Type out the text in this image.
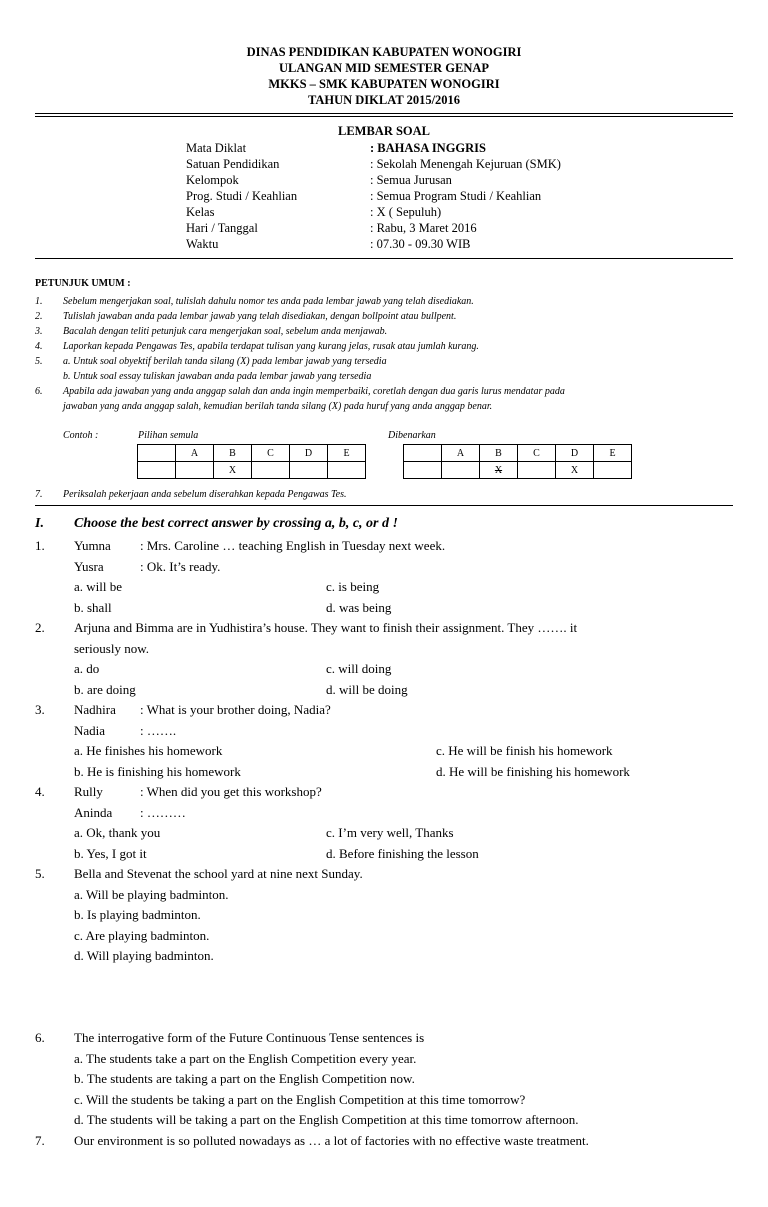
DINAS PENDIDIKAN KABUPATEN WONOGIRI
ULANGAN MID SEMESTER GENAP
MKKS – SMK KABUPATEN WONOGIRI
TAHUN DIKLAT 2015/2016
LEMBAR SOAL
Mata Diklat	: BAHASA INGGRIS
Satuan Pendidikan	: Sekolah Menengah Kejuruan (SMK)
Kelompok	: Semua Jurusan
Prog. Studi / Keahlian	: Semua Program Studi / Keahlian
Kelas	: X ( Sepuluh)
Hari / Tanggal	: Rabu, 3 Maret 2016
Waktu	: 07.30 - 09.30 WIB
PETUNJUK UMUM :
1. Sebelum mengerjakan soal, tulislah dahulu nomor tes anda pada lembar jawab yang telah disediakan.
2. Tulislah jawaban anda pada lembar jawab yang telah disediakan, dengan bollpoint atau bullpent.
3. Bacalah dengan teliti petunjuk cara mengerjakan soal, sebelum anda menjawab.
4. Laporkan kepada Pengawas Tes, apabila terdapat tulisan yang kurang jelas, rusak atau jumlah kurang.
5. a. Untuk soal obyektif berilah tanda silang (X) pada lembar jawab yang tersedia
b. Untuk soal essay tuliskan jawaban anda pada lembar jawab yang tersedia
6. Apabila ada jawaban yang anda anggap salah dan anda ingin memperbaiki, coretlah dengan dua garis lurus mendatar pada
jawaban yang anda anggap salah, kemudian berilah tanda silang (X) pada huruf yang anda anggap benar.
Contoh :	Pilihan semula	Dibenarkan
	A	B	C	D	E
		X			
	A	B	C	D	E
		X		X	
7. Periksalah pekerjaan anda sebelum diserahkan kepada Pengawas Tes.
I. Choose the best correct answer by crossing a, b, c, or d !
1. Yumna : Mrs. Caroline … teaching English in Tuesday next week.
Yusra	: Ok. It’s ready.
a. will be	c. is being
b. shall	d. was being
2. Arjuna and Bimma are in Yudhistira’s house. They want to finish their assignment. They ……. it
seriously now.
a. do	c. will doing
b. are doing	d. will be doing
3. Nadhira : What is your brother doing, Nadia?
Nadia	: …….
a. He finishes his homework	c. He will be finish his homework
b. He is finishing his homework	d. He will be finishing his homework
4. Rully	: When did you get this workshop?
Aninda : ………
a. Ok, thank you	c. I’m very well, Thanks
b. Yes, I got it	d. Before finishing the lesson
5. Bella and Stevenat the school yard at nine next Sunday.
a. Will be playing badminton.
b. Is playing badminton.
c. Are playing badminton.
d. Will playing badminton.
6. The interrogative form of the Future Continuous Tense sentences is
a. The students take a part on the English Competition every year.
b. The students are taking a part on the English Competition now.
c. Will the students be taking a part on the English Competition at this time tomorrow?
d. The students will be taking a part on the English Competition at this time tomorrow afternoon.
7. Our environment is so polluted nowadays as … a lot of factories with no effective waste treatment.
